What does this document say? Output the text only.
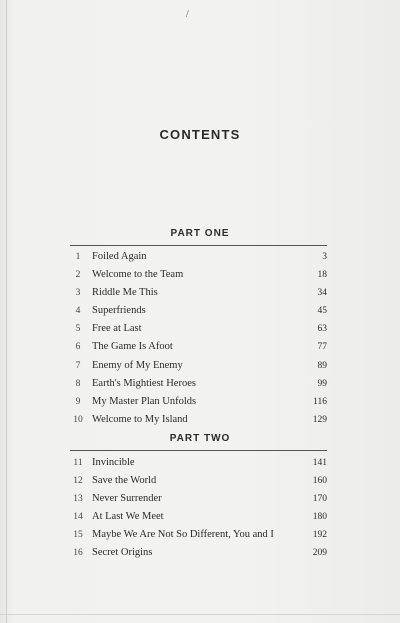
/
CONTENTS
PART ONE
1	Foiled Again	3
2	Welcome to the Team	18
3	Riddle Me This	34
4	Superfriends	45
5	Free at Last	63
6	The Game Is Afoot	77
7	Enemy of My Enemy	89
8	Earth's Mightiest Heroes	99
9	My Master Plan Unfolds	116
10 Welcome to My Island	129
PART TWO
11 Invincible	141
12 Save the World	160
13 Never Surrender	170
14 At Last We Meet	180
15 Maybe We Are Not So Different, You and I	192
16 Secret Origins	209
